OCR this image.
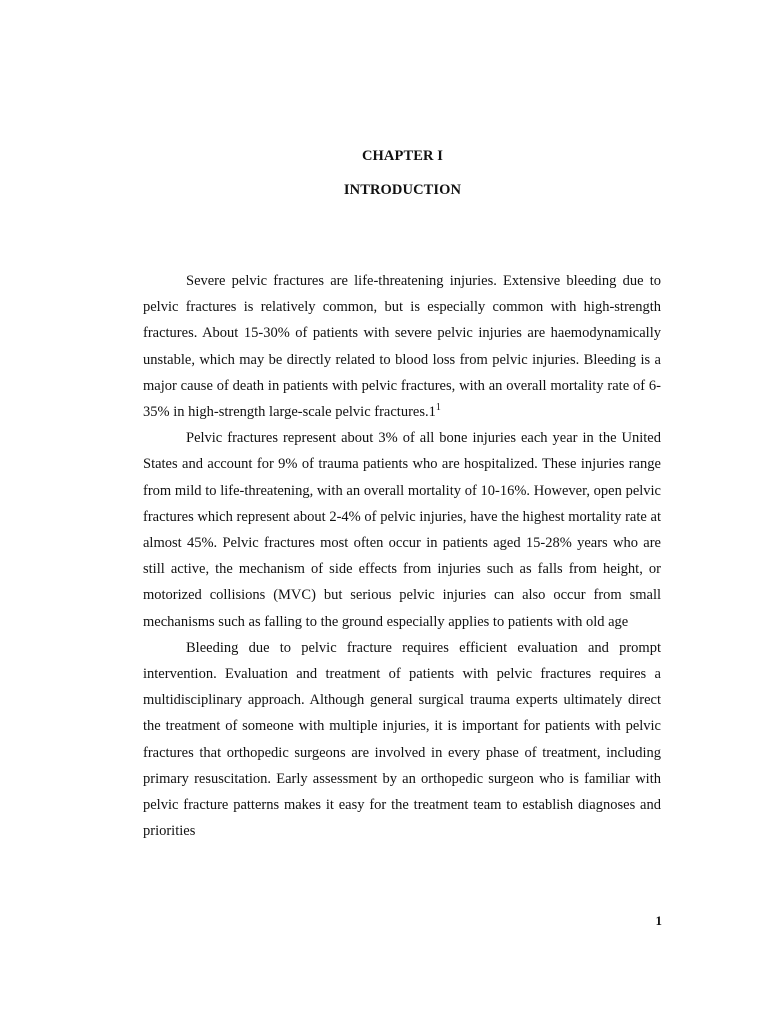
CHAPTER I
INTRODUCTION

Severe pelvic fractures are life-threatening injuries. Extensive bleeding due to pelvic fractures is relatively common, but is especially common with high-strength fractures. About 15-30% of patients with severe pelvic injuries are haemodynamically unstable, which may be directly related to blood loss from pelvic injuries. Bleeding is a major cause of death in patients with pelvic fractures, with an overall mortality rate of 6-35% in high-strength large-scale pelvic fractures.1$^1$

Pelvic fractures represent about 3% of all bone injuries each year in the United States and account for 9% of trauma patients who are hospitalized. These injuries range from mild to life-threatening, with an overall mortality of 10-16%. However, open pelvic fractures which represent about 2-4% of pelvic injuries, have the highest mortality rate at almost 45%. Pelvic fractures most often occur in patients aged 15-28% years who are still active, the mechanism of side effects from injuries such as falls from height, or motorized collisions (MVC) but serious pelvic injuries can also occur from small mechanisms such as falling to the ground especially applies to patients with old age

Bleeding due to pelvic fracture requires efficient evaluation and prompt intervention. Evaluation and treatment of patients with pelvic fractures requires a multidisciplinary approach. Although general surgical trauma experts ultimately direct the treatment of someone with multiple injuries, it is important for patients with pelvic fractures that orthopedic surgeons are involved in every phase of treatment, including primary resuscitation. Early assessment by an orthopedic surgeon who is familiar with pelvic fracture patterns makes it easy for the treatment team to establish diagnoses and priorities

1
